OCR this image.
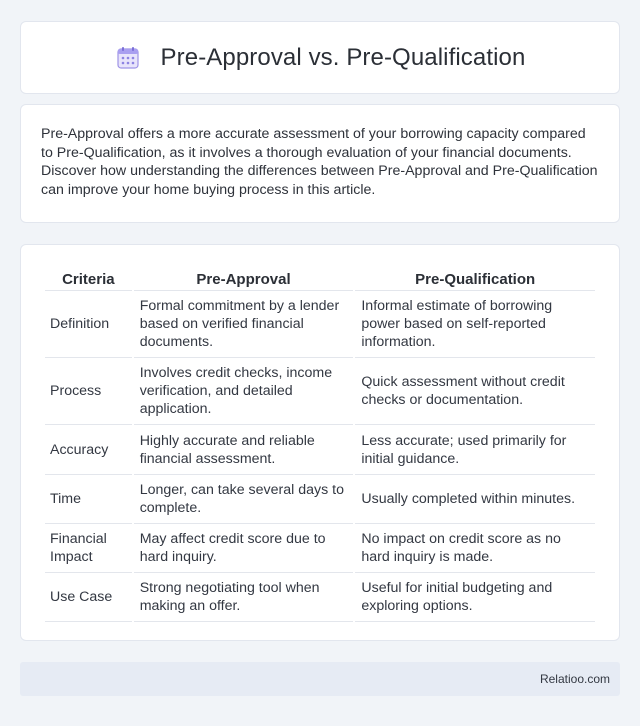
Pre-Approval vs. Pre-Qualification

Pre-Approval offers a more accurate assessment of your borrowing capacity compared to Pre-Qualification, as it involves a thorough evaluation of your financial documents. Discover how understanding the differences between Pre-Approval and Pre-Qualification can improve your home buying process in this article.

Criteria	Pre-Approval	Pre-Qualification
Definition	Formal commitment by a lender based on verified financial documents.	Informal estimate of borrowing power based on self-reported information.
Process	Involves credit checks, income verification, and detailed application.	Quick assessment without credit checks or documentation.
Accuracy	Highly accurate and reliable financial assessment.	Less accurate; used primarily for initial guidance.
Time	Longer, can take several days to complete.	Usually completed within minutes.
Financial Impact	May affect credit score due to hard inquiry.	No impact on credit score as no hard inquiry is made.
Use Case	Strong negotiating tool when making an offer.	Useful for initial budgeting and exploring options.
Relatioo.com
